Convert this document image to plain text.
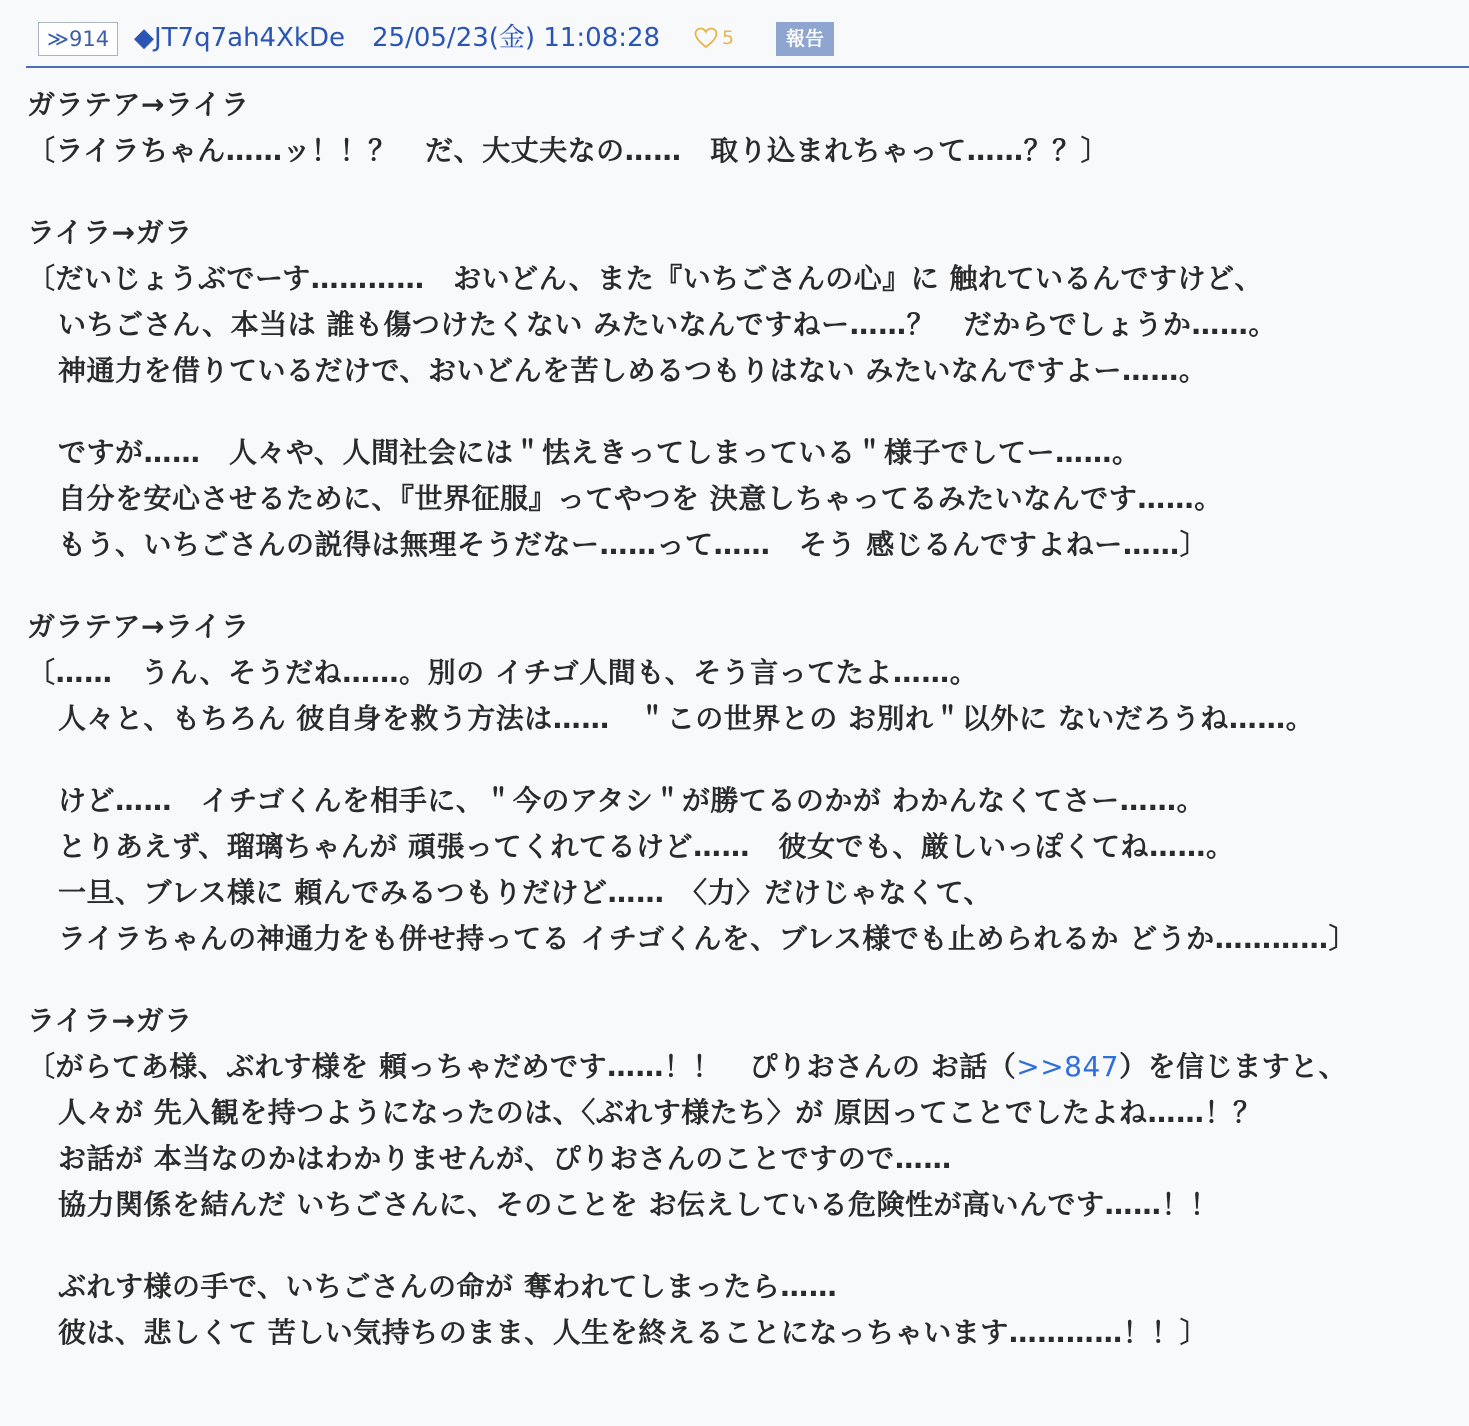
≫914 ◆JT7q7ah4XkDe 25/05/23(金) 11:08:28	5	報告
ガラテア→ライラ
〔ライラちゃん……ッ！！？　だ、大丈夫なの……　取り込まれちゃって……？？〕
ライラ→ガラ
〔だいじょうぶでーす…………　おいどん、また『いちごさんの心』に 触れているんですけど、
いちごさん、本当は 誰も傷つけたくない みたいなんですねー……？　だからでしょうか……。
神通力を借りているだけで、おいどんを苦しめるつもりはない みたいなんですよー……。
ですが……　人々や、人間社会には＂怯えきってしまっている＂様子でしてー……。
自分を安心させるために、『世界征服』ってやつを 決意しちゃってるみたいなんです……。
もう、いちごさんの説得は無理そうだなー……って……　そう 感じるんですよねー……〕
ガラテア→ライラ
〔……　うん、そうだね……。別の イチゴ人間も、そう言ってたよ……。
人々と、もちろん 彼自身を救う方法は……　＂この世界との お別れ＂以外に ないだろうね……。
けど……　イチゴくんを相手に、＂今のアタシ＂が勝てるのかが わかんなくてさー……。
とりあえず、瑠璃ちゃんが 頑張ってくれてるけど……　彼女でも、厳しいっぽくてね……。
一旦、ブレス様に 頼んでみるつもりだけど……　〈力〉だけじゃなくて、
ライラちゃんの神通力をも併せ持ってる イチゴくんを、ブレス様でも止められるか どうか…………〕
ライラ→ガラ
〔がらてあ様、ぶれす様を 頼っちゃだめです……！！　ぴりおさんの お話（>>847）を信じますと、
人々が 先入観を持つようになったのは、〈ぶれす様たち〉が 原因ってことでしたよね……！？
お話が 本当なのかはわかりませんが、ぴりおさんのことですので……
協力関係を結んだ いちごさんに、そのことを お伝えしている危険性が高いんです……！！
ぶれす様の手で、いちごさんの命が 奪われてしまったら……
彼は、悲しくて 苦しい気持ちのまま、人生を終えることになっちゃいます…………！！〕
